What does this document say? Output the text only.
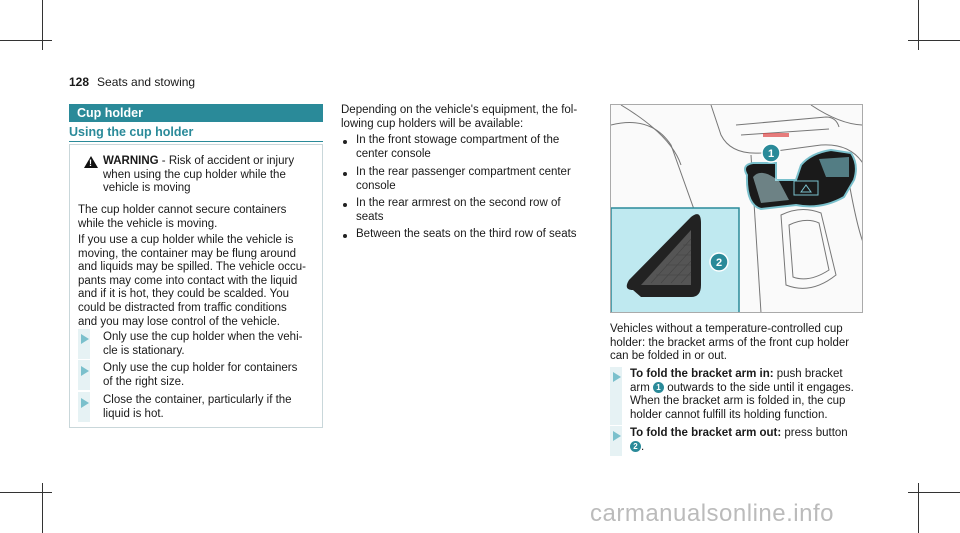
128 Seats and stowing
Cup holder
Using the cup holder
! WARNING - Risk of accident or injury
when using the cup holder while the
vehicle is moving
The cup holder cannot secure containers
while the vehicle is moving.
If you use a cup holder while the vehicle is
moving, the container may be flung around
and liquids may be spilled. The vehicle occu-
pants may come into contact with the liquid
and if it is hot, they could be scalded. You
could be distracted from traffic conditions
and you may lose control of the vehicle.
Only use the cup holder when the vehi-
cle is stationary.
Only use the cup holder for containers
of the right size.
Close the container, particularly if the
liquid is hot.
Depending on the vehicle's equipment, the fol-
lowing cup holders will be available:
In the front stowage compartment of the
center console
In the rear passenger compartment center
console
In the rear armrest on the second row of
seats
Between the seats on the third row of seats
1
2
Vehicles without a temperature-controlled cup
holder: the bracket arms of the front cup holder
can be folded in or out.
To fold the bracket arm in: push bracket
arm 1 outwards to the side until it engages.
When the bracket arm is folded in, the cup
holder cannot fulfill its holding function.
To fold the bracket arm out: press button
2 .
carmanualsonline.info
